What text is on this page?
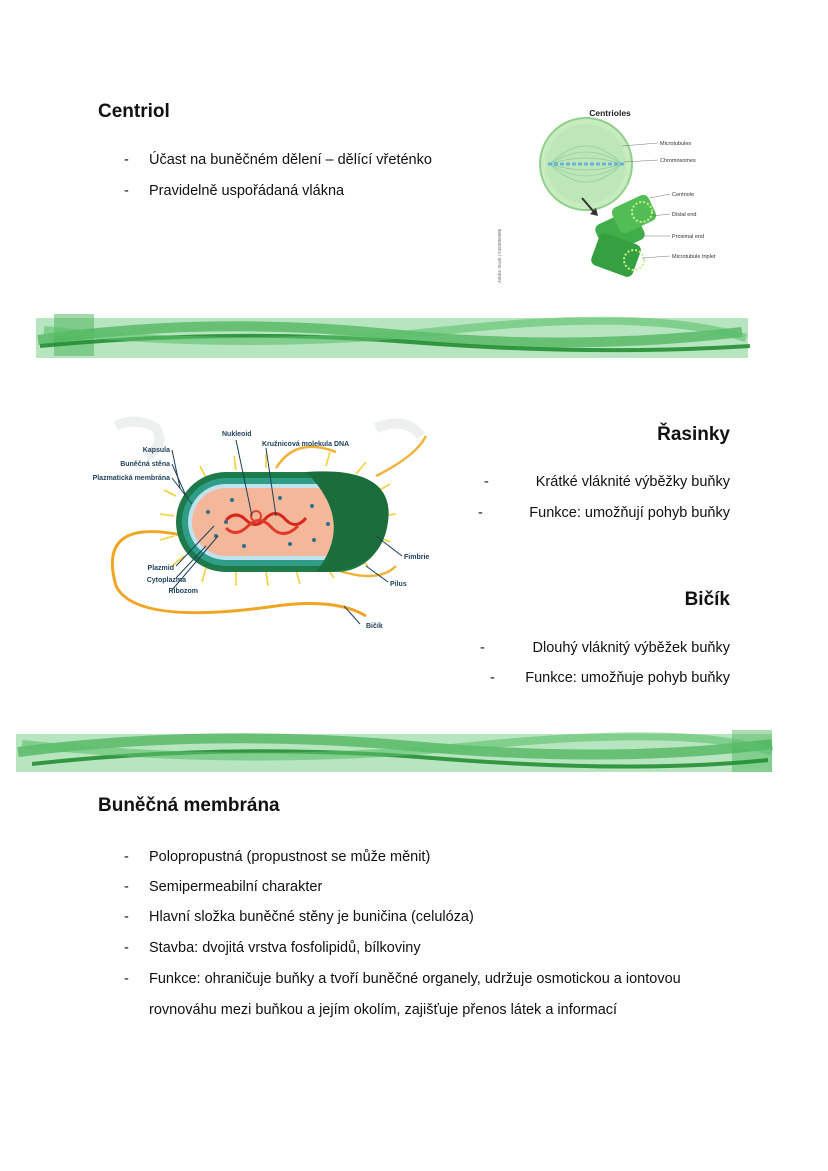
Centriol
- Účast na buněčném dělení – dělící vřeténko
- Pravidelně uspořádaná vlákna
Centrioles
Microtubules
Chromosomes
Centriole
Distal end
Proximal end
Microtubule triplet
Adobe Stock | #463856986
Nukleoid
Kružnicová molekula DNA
Kapsula
Buněčná stěna
Plazmatická membrána
Plazmid
Cytoplazma
Ribozom
Fimbrie
Pilus
Bičík
Řasinky
-	Krátké vláknité výběžky buňky
-	Funkce: umožňují pohyb buňky
Bičík
-	Dlouhý vláknitý výběžek buňky
- Funkce: umožňuje pohyb buňky
Buněčná membrána
- Polopropustná (propustnost se může měnit)
- Semipermeabilní charakter
- Hlavní složka buněčné stěny je buničina (celulóza)
- Stavba: dvojitá vrstva fosfolipidů, bílkoviny
- Funkce: ohraničuje buňky a tvoří buněčné organely, udržuje osmotickou a iontovou
rovnováhu mezi buňkou a jejím okolím, zajišťuje přenos látek a informací
